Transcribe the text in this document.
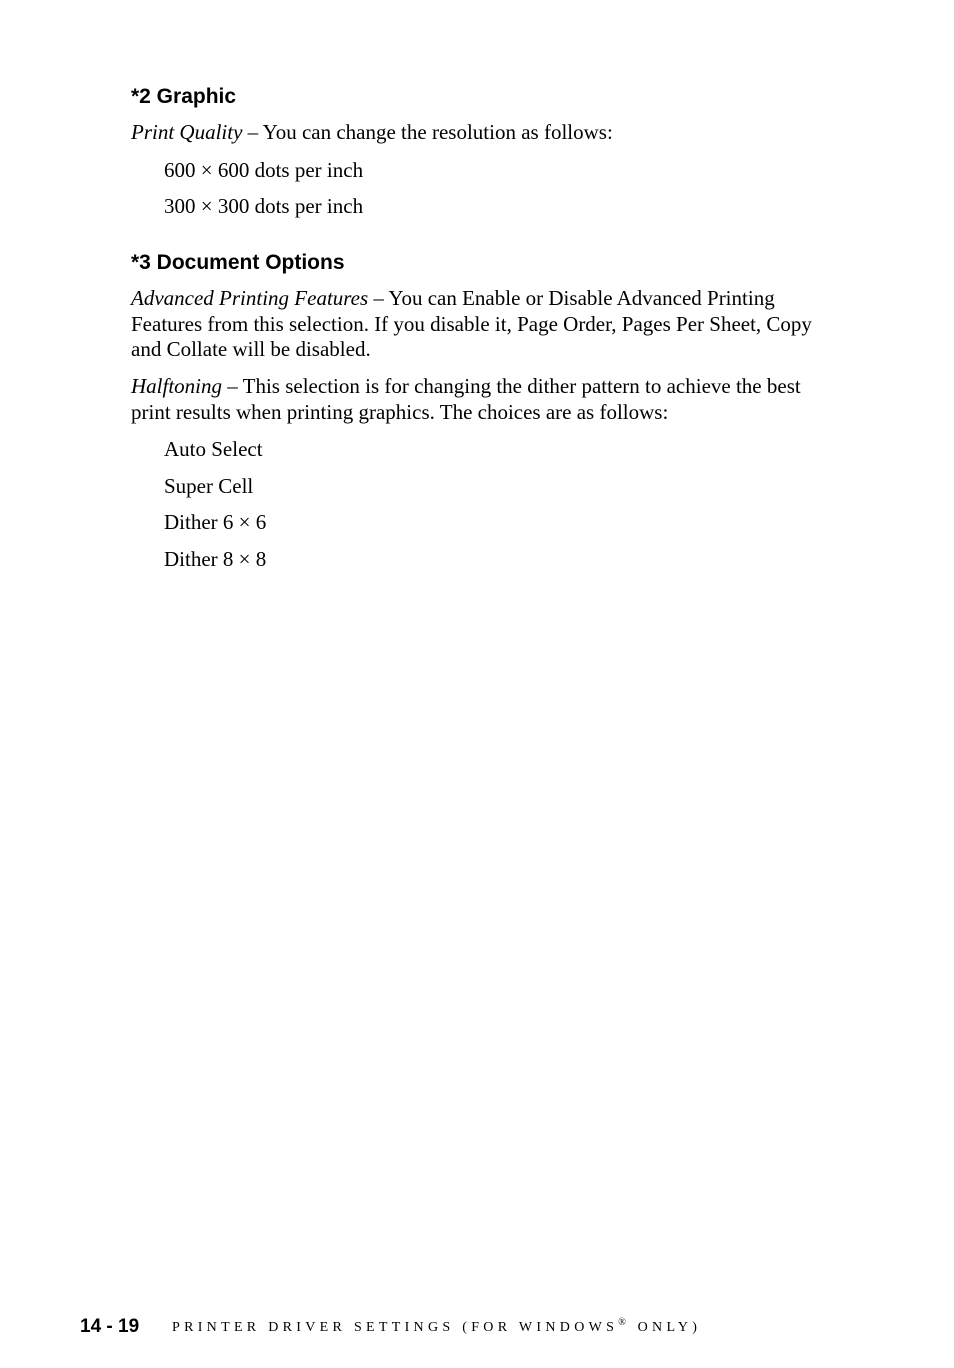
*2 Graphic

Print Quality – You can change the resolution as follows:

600 × 600 dots per inch

300 × 300 dots per inch

*3 Document Options

Advanced Printing Features – You can Enable or Disable Advanced Printing Features from this selection. If you disable it, Page Order, Pages Per Sheet, Copy and Collate will be disabled.

Halftoning – This selection is for changing the dither pattern to achieve the best print results when printing graphics. The choices are as follows:

Auto Select

Super Cell

Dither 6 × 6

Dither 8 × 8

14 - 19 PRINTER DRIVER SETTINGS (FOR WINDOWS® ONLY)
